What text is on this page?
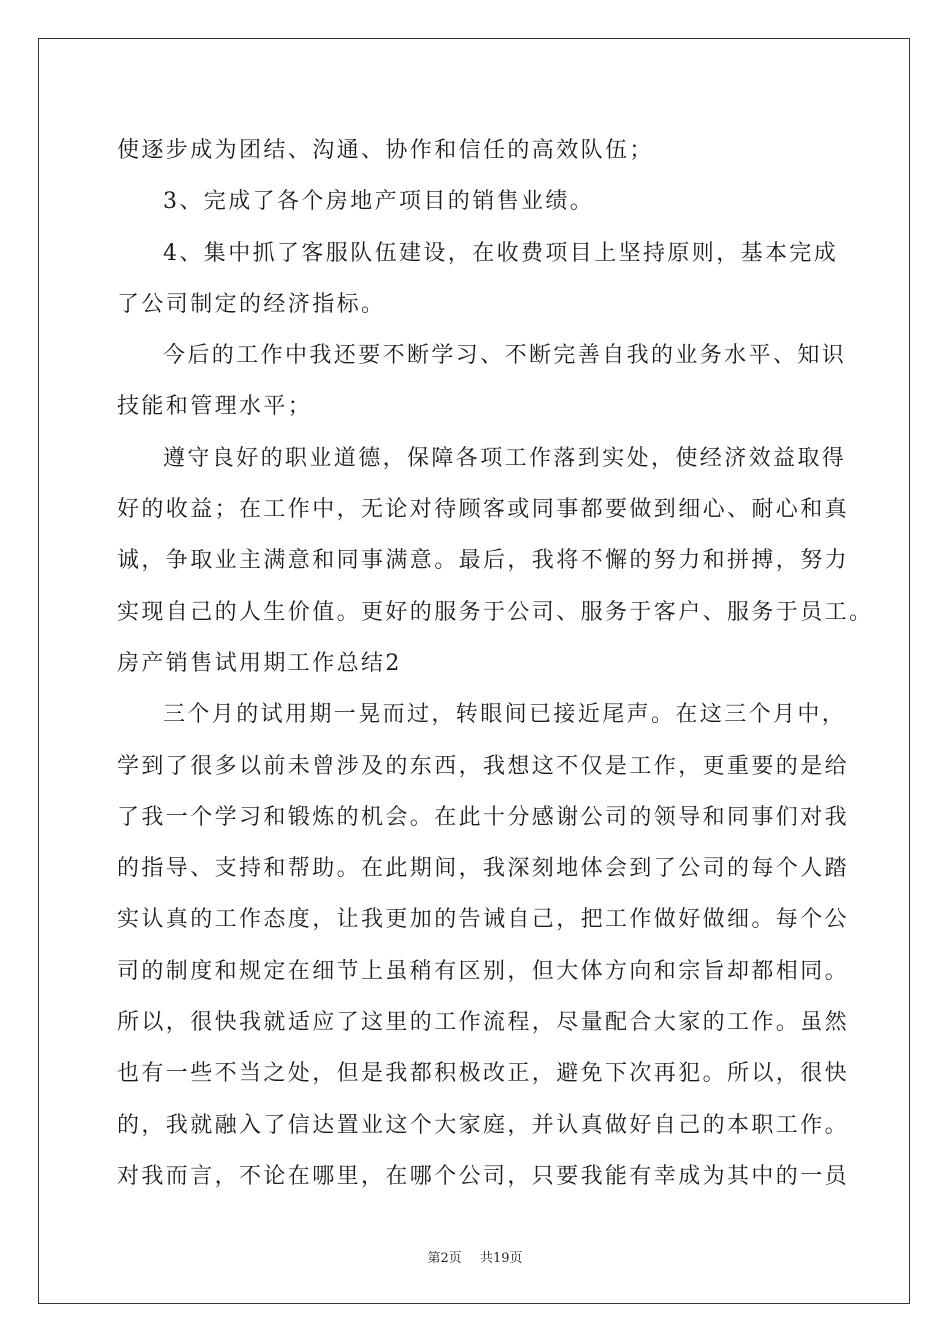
使逐步成为团结、沟通、协作和信任的高效队伍；
3、完成了各个房地产项目的销售业绩。
4、集中抓了客服队伍建设，在收费项目上坚持原则，基本完成
了公司制定的经济指标。
今后的工作中我还要不断学习、不断完善自我的业务水平、知识
技能和管理水平；
遵守良好的职业道德，保障各项工作落到实处，使经济效益取得
好的收益；在工作中，无论对待顾客或同事都要做到细心、耐心和真
诚，争取业主满意和同事满意。最后，我将不懈的努力和拼搏，努力
实现自己的人生价值。更好的服务于公司、服务于客户、服务于员工。
房产销售试用期工作总结2
三个月的试用期一晃而过，转眼间已接近尾声。在这三个月中，
学到了很多以前未曾涉及的东西，我想这不仅是工作，更重要的是给
了我一个学习和锻炼的机会。在此十分感谢公司的领导和同事们对我
的指导、支持和帮助。在此期间，我深刻地体会到了公司的每个人踏
实认真的工作态度，让我更加的告诫自己，把工作做好做细。每个公
司的制度和规定在细节上虽稍有区别，但大体方向和宗旨却都相同。
所以，很快我就适应了这里的工作流程，尽量配合大家的工作。虽然
也有一些不当之处，但是我都积极改正，避免下次再犯。所以，很快
的，我就融入了信达置业这个大家庭，并认真做好自己的本职工作。
对我而言，不论在哪里，在哪个公司，只要我能有幸成为其中的一员
第2页 共19页
